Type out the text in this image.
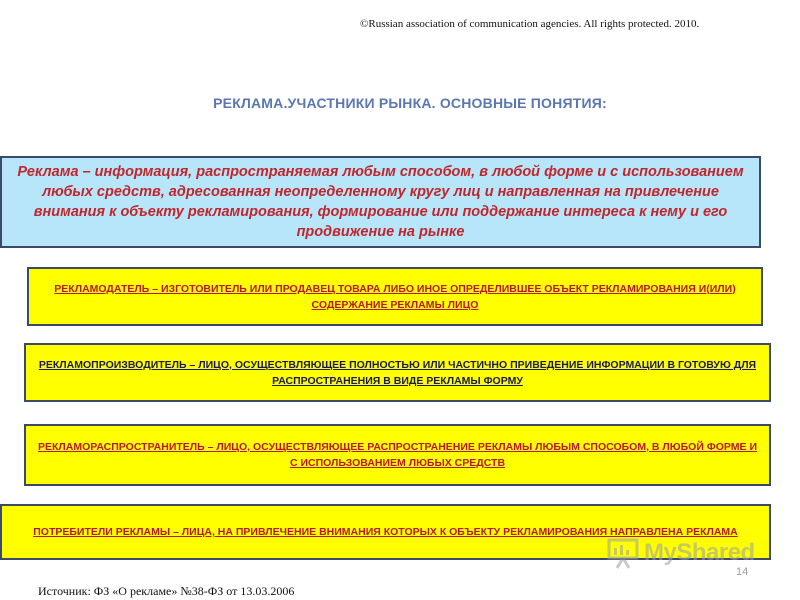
©Russian association of communication agencies. All rights protected. 2010.
РЕКЛАМА.УЧАСТНИКИ РЫНКА. ОСНОВНЫЕ ПОНЯТИЯ:
Реклама – информация, распространяемая любым способом, в любой форме и с использованием любых средств, адресованная неопределенному кругу лиц и направленная на привлечение внимания к объекту рекламирования, формирование или поддержание интереса к нему и его продвижение на рынке
РЕКЛАМОДАТЕЛЬ – ИЗГОТОВИТЕЛЬ ИЛИ ПРОДАВЕЦ ТОВАРА ЛИБО ИНОЕ ОПРЕДЕЛИВШЕЕ ОБЪЕКТ РЕКЛАМИРОВАНИЯ И(ИЛИ) СОДЕРЖАНИЕ РЕКЛАМЫ ЛИЦО
РЕКЛАМОПРОИЗВОДИТЕЛЬ – ЛИЦО, ОСУЩЕСТВЛЯЮЩЕЕ ПОЛНОСТЬЮ ИЛИ ЧАСТИЧНО ПРИВЕДЕНИЕ ИНФОРМАЦИИ В ГОТОВУЮ ДЛЯ РАСПРОСТРАНЕНИЯ В ВИДЕ РЕКЛАМЫ ФОРМУ
РЕКЛАМОРАСПРОСТРАНИТЕЛЬ – ЛИЦО, ОСУЩЕСТВЛЯЮЩЕЕ РАСПРОСТРАНЕНИЕ РЕКЛАМЫ ЛЮБЫМ СПОСОБОМ, В ЛЮБОЙ ФОРМЕ И С ИСПОЛЬЗОВАНИЕМ ЛЮБЫХ СРЕДСТВ
ПОТРЕБИТЕЛИ РЕКЛАМЫ – ЛИЦА, НА ПРИВЛЕЧЕНИЕ ВНИМАНИЯ КОТОРЫХ К ОБЪЕКТУ РЕКЛАМИРОВАНИЯ НАПРАВЛЕНА РЕКЛАМА
MyShared
14
Источник: ФЗ «О рекламе» №38-ФЗ от 13.03.2006
